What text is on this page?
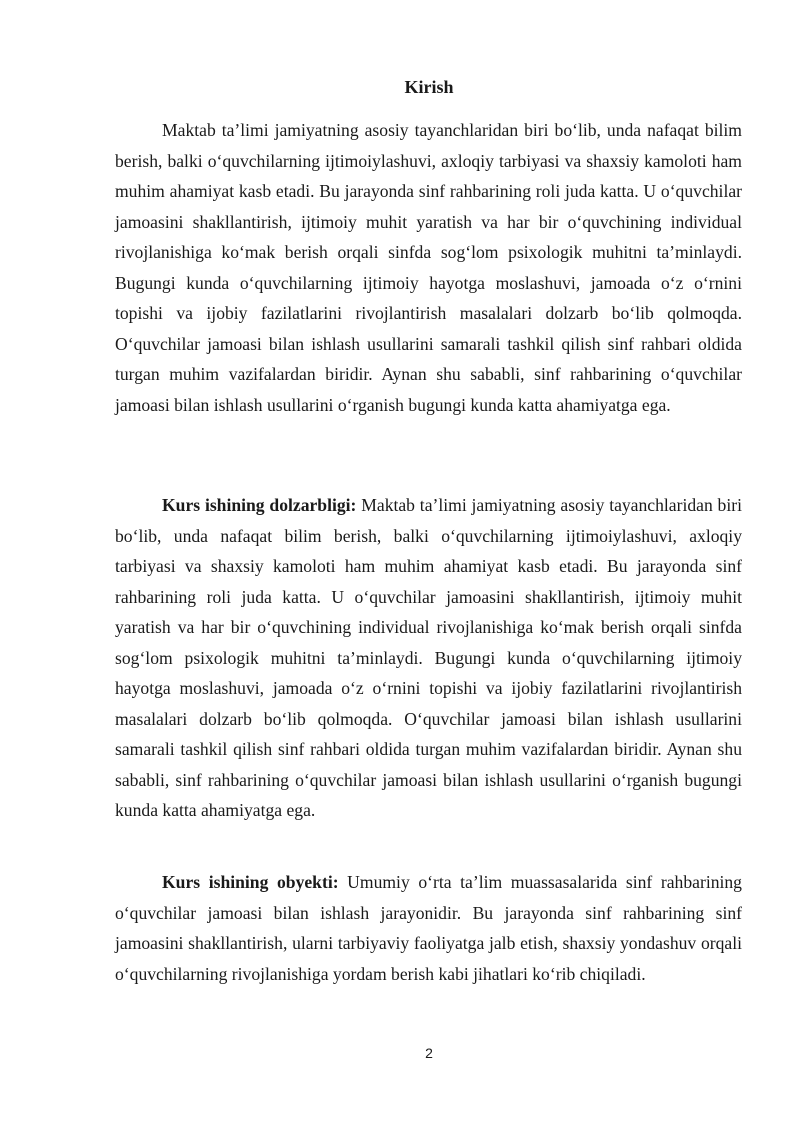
Kirish

Maktab ta’limi jamiyatning asosiy tayanchlaridan biri bo‘lib, unda nafaqat bilim berish, balki o‘quvchilarning ijtimoiylashuvi, axloqiy tarbiyasi va shaxsiy kamoloti ham muhim ahamiyat kasb etadi. Bu jarayonda sinf rahbarining roli juda katta. U o‘quvchilar jamoasini shakllantirish, ijtimoiy muhit yaratish va har bir o‘quvchining individual rivojlanishiga ko‘mak berish orqali sinfda sog‘lom psixologik muhitni ta’minlaydi. Bugungi kunda o‘quvchilarning ijtimoiy hayotga moslashuvi, jamoada o‘z o‘rnini topishi va ijobiy fazilatlarini rivojlantirish masalalari dolzarb bo‘lib qolmoqda. O‘quvchilar jamoasi bilan ishlash usullarini samarali tashkil qilish sinf rahbari oldida turgan muhim vazifalardan biridir. Aynan shu sababli, sinf rahbarining o‘quvchilar jamoasi bilan ishlash usullarini o‘rganish bugungi kunda katta ahamiyatga ega.

Kurs ishining dolzarbligi: Maktab ta’limi jamiyatning asosiy tayanchlaridan biri bo‘lib, unda nafaqat bilim berish, balki o‘quvchilarning ijtimoiylashuvi, axloqiy tarbiyasi va shaxsiy kamoloti ham muhim ahamiyat kasb etadi. Bu jarayonda sinf rahbarining roli juda katta. U o‘quvchilar jamoasini shakllantirish, ijtimoiy muhit yaratish va har bir o‘quvchining individual rivojlanishiga ko‘mak berish orqali sinfda sog‘lom psixologik muhitni ta’minlaydi. Bugungi kunda o‘quvchilarning ijtimoiy hayotga moslashuvi, jamoada o‘z o‘rnini topishi va ijobiy fazilatlarini rivojlantirish masalalari dolzarb bo‘lib qolmoqda. O‘quvchilar jamoasi bilan ishlash usullarini samarali tashkil qilish sinf rahbari oldida turgan muhim vazifalardan biridir. Aynan shu sababli, sinf rahbarining o‘quvchilar jamoasi bilan ishlash usullarini o‘rganish bugungi kunda katta ahamiyatga ega.

Kurs ishining obyekti: Umumiy o‘rta ta’lim muassasalarida sinf rahbarining o‘quvchilar jamoasi bilan ishlash jarayonidir. Bu jarayonda sinf rahbarining sinf jamoasini shakllantirish, ularni tarbiyaviy faoliyatga jalb etish, shaxsiy yondashuv orqali o‘quvchilarning rivojlanishiga yordam berish kabi jihatlari ko‘rib chiqiladi.

2
